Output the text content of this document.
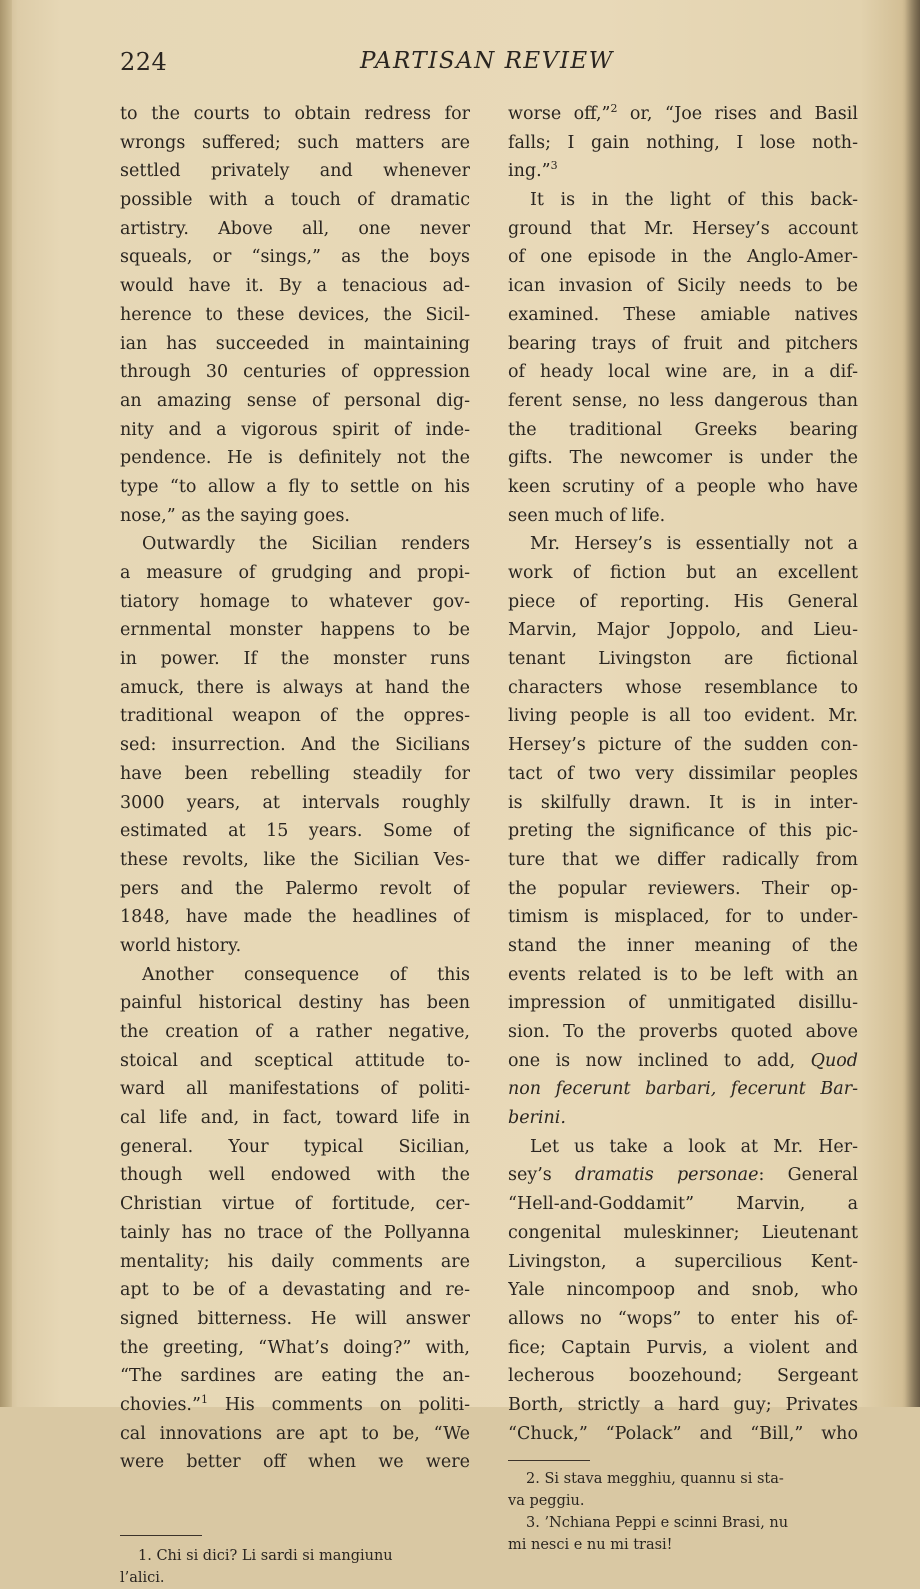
224	PARTISAN REVIEW
to the courts to obtain redress for
wrongs suffered; such matters are
settled privately and whenever
possible with a touch of dramatic
artistry. Above all, one never
squeals, or “sings,” as the boys
would have it. By a tenacious ad-
herence to these devices, the Sicil-
ian has succeeded in maintaining
through 30 centuries of oppression
an amazing sense of personal dig-
nity and a vigorous spirit of inde-
pendence. He is definitely not the
type “to allow a fly to settle on his
nose,” as the saying goes.
Outwardly the Sicilian renders
a measure of grudging and propi-
tiatory homage to whatever gov-
ernmental monster happens to be
in power. If the monster runs
amuck, there is always at hand the
traditional weapon of the oppres-
sed: insurrection. And the Sicilians
have been rebelling steadily for
3000 years, at intervals roughly
estimated at 15 years. Some of
these revolts, like the Sicilian Ves-
pers and the Palermo revolt of
1848, have made the headlines of
world history.
Another consequence of this
painful historical destiny has been
the creation of a rather negative,
stoical and sceptical attitude to-
ward all manifestations of politi-
cal life and, in fact, toward life in
general. Your typical Sicilian,
though well endowed with the
Christian virtue of fortitude, cer-
tainly has no trace of the Pollyanna
mentality; his daily comments are
apt to be of a devastating and re-
signed bitterness. He will answer
the greeting, “What’s doing?” with,
“The sardines are eating the an-
chovies.”$^1$ His comments on politi-
cal innovations are apt to be, “We
were better off when we were
worse off,”$^2$ or, “Joe rises and Basil
falls; I gain nothing, I lose noth-
ing.”$^3$
It is in the light of this back-
ground that Mr. Hersey’s account
of one episode in the Anglo-Amer-
ican invasion of Sicily needs to be
examined. These amiable natives
bearing trays of fruit and pitchers
of heady local wine are, in a dif-
ferent sense, no less dangerous than
the traditional Greeks bearing
gifts. The newcomer is under the
keen scrutiny of a people who have
seen much of life.
Mr. Hersey’s is essentially not a
work of fiction but an excellent
piece of reporting. His General
Marvin, Major Joppolo, and Lieu-
tenant Livingston are fictional
characters whose resemblance to
living people is all too evident. Mr.
Hersey’s picture of the sudden con-
tact of two very dissimilar peoples
is skilfully drawn. It is in inter-
preting the significance of this pic-
ture that we differ radically from
the popular reviewers. Their op-
timism is misplaced, for to under-
stand the inner meaning of the
events related is to be left with an
impression of unmitigated disillu-
sion. To the proverbs quoted above
one is now inclined to add, Quod
non fecerunt barbari, fecerunt Bar-
berini.
Let us take a look at Mr. Her-
sey’s dramatis personae: General
“Hell-and-Goddamit” Marvin, a
congenital muleskinner; Lieutenant
Livingston, a supercilious Kent-
Yale nincompoop and snob, who
allows no “wops” to enter his of-
fice; Captain Purvis, a violent and
lecherous boozehound; Sergeant
Borth, strictly a hard guy; Privates
“Chuck,” “Polack” and “Bill,” who
1. Chi si dici? Li sardi si mangiunu
l’alici.
2. Si stava megghiu, quannu si sta-
va peggiu.
3. ’Nchiana Peppi e scinni Brasi, nu
mi nesci e nu mi trasi!
